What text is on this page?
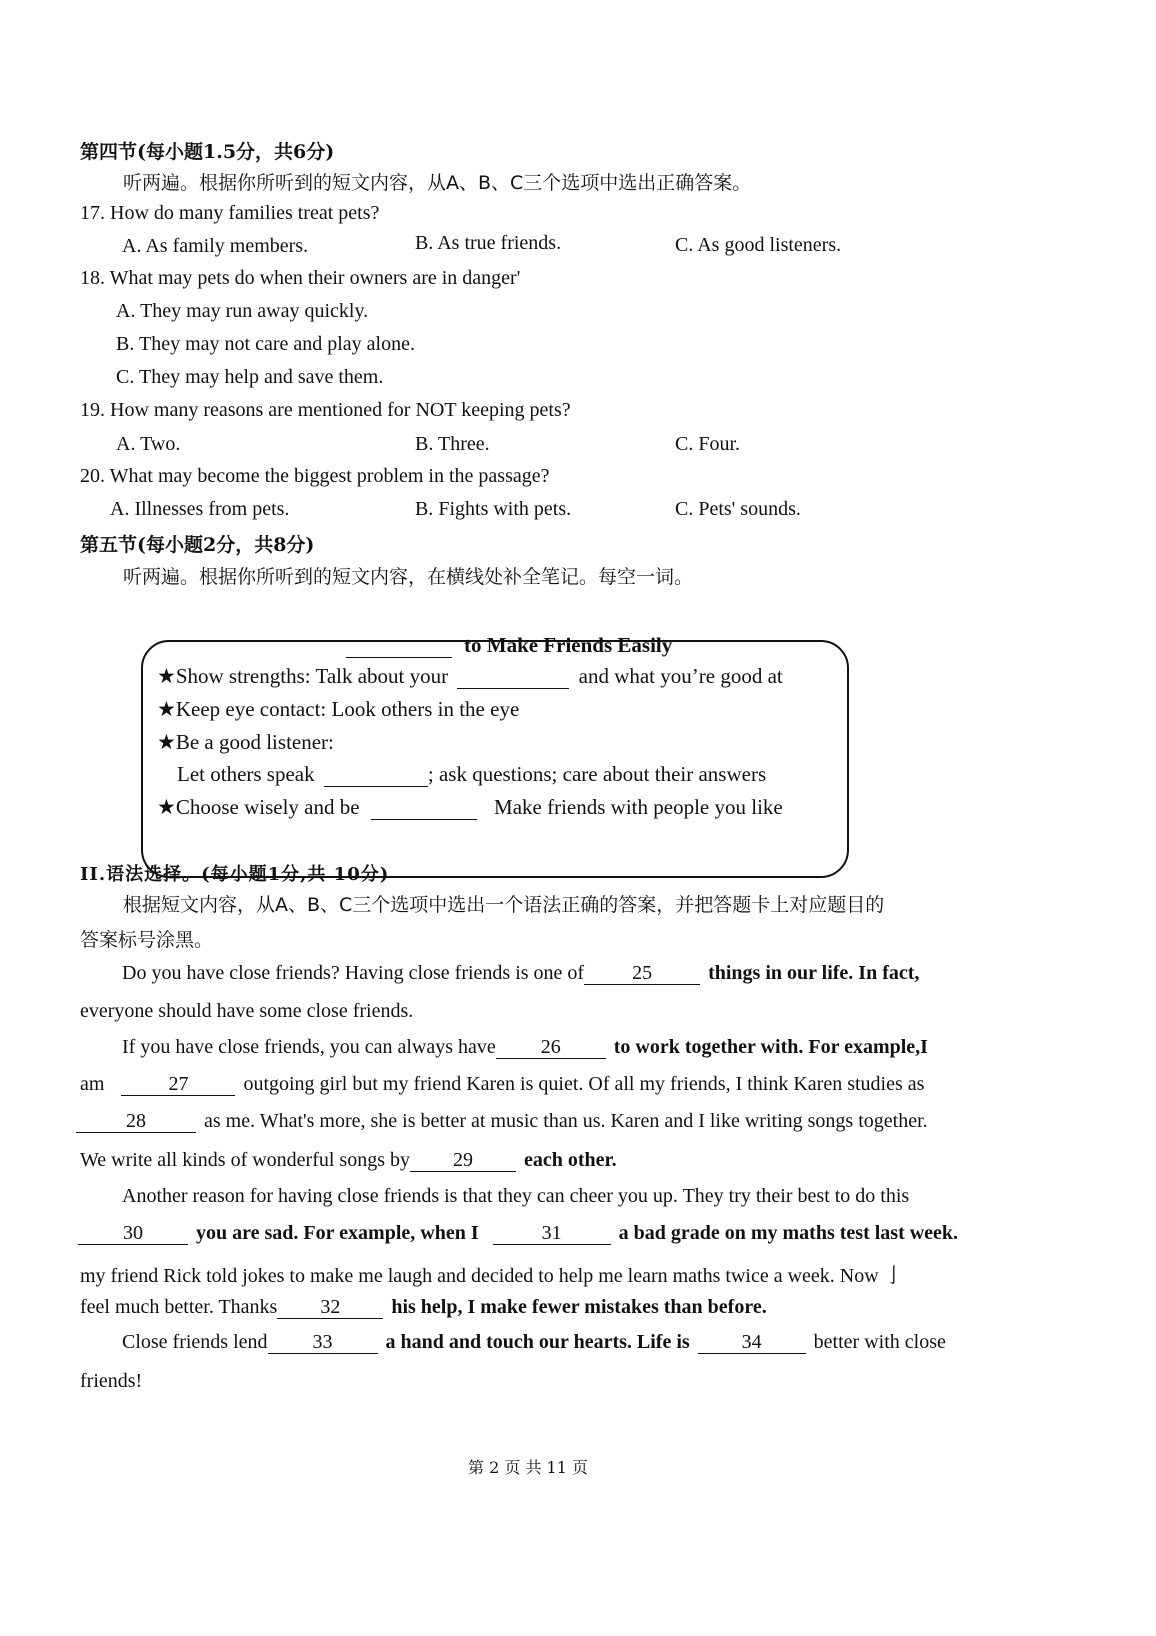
第四节(每小题1.5分，共6分)
听两遍。根据你所听到的短文内容，从A、B、C三个选项中选出正确答案。
17. How do many families treat pets?
A. As family members.	B. As true friends.	C. As good listeners.
18. What may pets do when their owners are in danger'
A. They may run away quickly.
B. They may not care and play alone.
C. They may help and save them.
19. How many reasons are mentioned for NOT keeping pets?
A. Two.	B. Three.	C. Four.
20. What may become the biggest problem in the passage?
A. Illnesses from pets.	B. Fights with pets.	C. Pets' sounds.
第五节(每小题2分，共8分)
听两遍。根据你所听到的短文内容，在横线处补全笔记。每空一词。
to Make Friends Easily
★Show strengths: Talk about your	and what you’re good at
★Keep eye contact: Look others in the eye
★Be a good listener:
Let others speak	; ask questions; care about their answers
★Choose wisely and be	Make friends with people you like
II.语法选择。(每小题1分,共 10分)
根据短文内容，从A、B、C三个选项中选出一个语法正确的答案，并把答题卡上对应题目的
答案标号涂黑。
Do you have close friends? Having close friends is one of 25	things in our life. In fact,
everyone should have some close friends.
If you have close friends, you can always have 26	to work together with. For example,I
am	27	outgoing girl but my friend Karen is quiet. Of all my friends, I think Karen studies as
28	as me. What's more, she is better at music than us. Karen and I like writing songs together.
We write all kinds of wonderful songs by 29	each other.
Another reason for having close friends is that they can cheer you up. They try their best to do this
30	you are sad. For example, when I	31	a bad grade on my maths test last week.
my friend Rick told jokes to make me laugh and decided to help me learn maths twice a week. Now 亅
feel much better. Thanks 32	his help, I make fewer mistakes than before.
Close friends lend 33	a hand and touch our hearts. Life is	34	better with close
friends!
第 2 页 共 11 页
